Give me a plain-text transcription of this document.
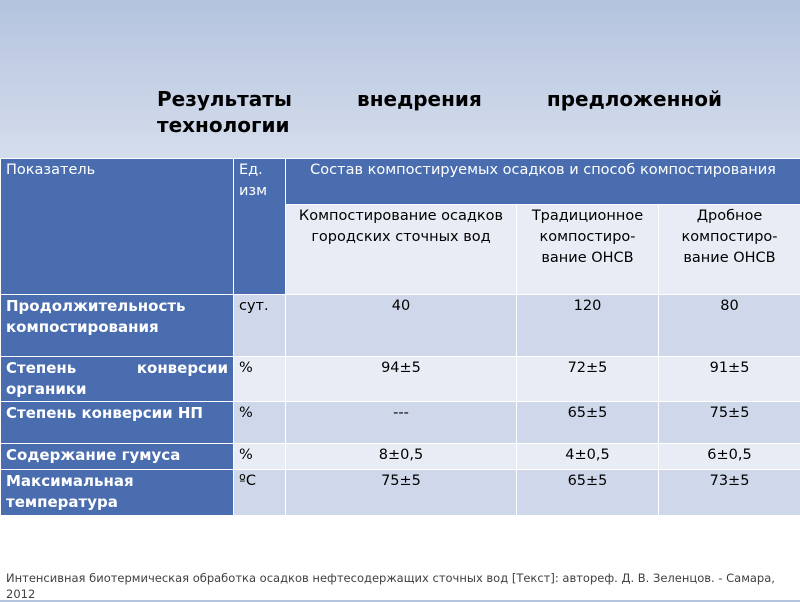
Результаты внедрения предложенной технологии
Показатель	Ед. изм	Состав компостируемых осадков и способ компостирования		
		Компостирование осадков городских сточных вод	Традиционное компостиро-вание ОНСВ	Дробное компостиро-вание ОНСВ
Продолжительность компостирования	сут.	40	120	80
Степень конверсии органики	%	94±5	72±5	91±5
Степень конверсии НП	%	---	65±5	75±5
Содержание гумуса	%	8±0,5	4±0,5	6±0,5
Максимальная температура	ºC	75±5	65±5	73±5
Интенсивная биотермическая обработка осадков нефтесодержащих сточных вод [Текст]: автореф. Д. В. Зеленцов. - Самара, 2012
